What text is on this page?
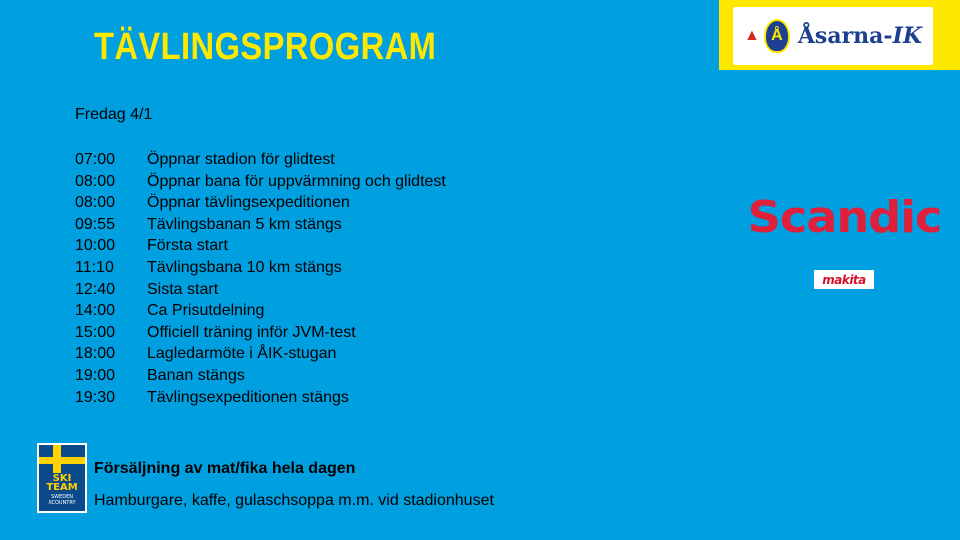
TÄVLINGSPROGRAM	▲ Å Åsarna-IK
Fredag 4/1
07:00	Öppnar stadion för glidtest
08:00	Öppnar bana för uppvärmning och glidtest
08:00	Öppnar tävlingsexpeditionen
09:55	Tävlingsbanan 5 km stängs
10:00	Första start
11:10	Tävlingsbana 10 km stängs
12:40	Sista start
14:00	Ca Prisutdelning
15:00	Officiell träning inför JVM-test
18:00	Lagledarmöte i ÅIK-stugan
19:00	Banan stängs
19:30	Tävlingsexpeditionen stängs
Scandic
makita
SKI
TEAM
SWEDEN
XCOUNTRY
Försäljning av mat/fika hela dagen
Hamburgare, kaffe, gulaschsoppa m.m. vid stadionhuset
